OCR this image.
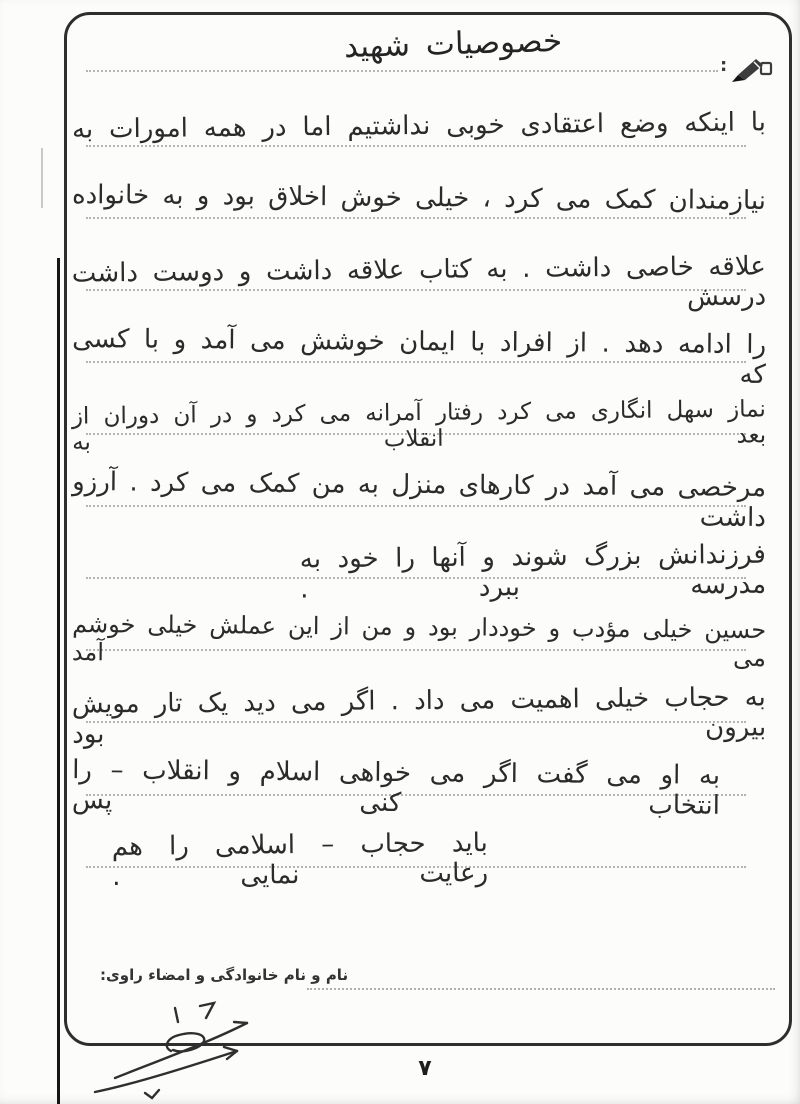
:
خصوصیات شهید
با اینکه وضع اعتقادی خوبی نداشتیم اما در همه امورات به
نیازمندان کمک می کرد ، خیلی خوش اخلاق بود و به خانواده
علاقه خاصی داشت . به کتاب علاقه داشت و دوست داشت درسش
را ادامه دهد . از افراد با ایمان خوشش می آمد و با کسی که
نماز سهل انگاری می کرد رفتار آمرانه می کرد و در آن دوران از بعد انقلاب به
مرخصی می آمد در کارهای منزل به من کمک می کرد . آرزو داشت
فرزندانش بزرگ شوند و آنها را خود به مدرسه ببرد .
حسین خیلی مؤدب و خوددار بود و من از این عملش خیلی خوشم می آمد
به حجاب خیلی اهمیت می داد . اگر می دید یک تار مویش بیرون بود
به او می گفت اگر می خواهی اسلام و انقلاب – را انتخاب کنی پس
باید حجاب – اسلامی را هم رعایت نمایی .
نام و نام خانوادگی و امضاء راوی:
۷
